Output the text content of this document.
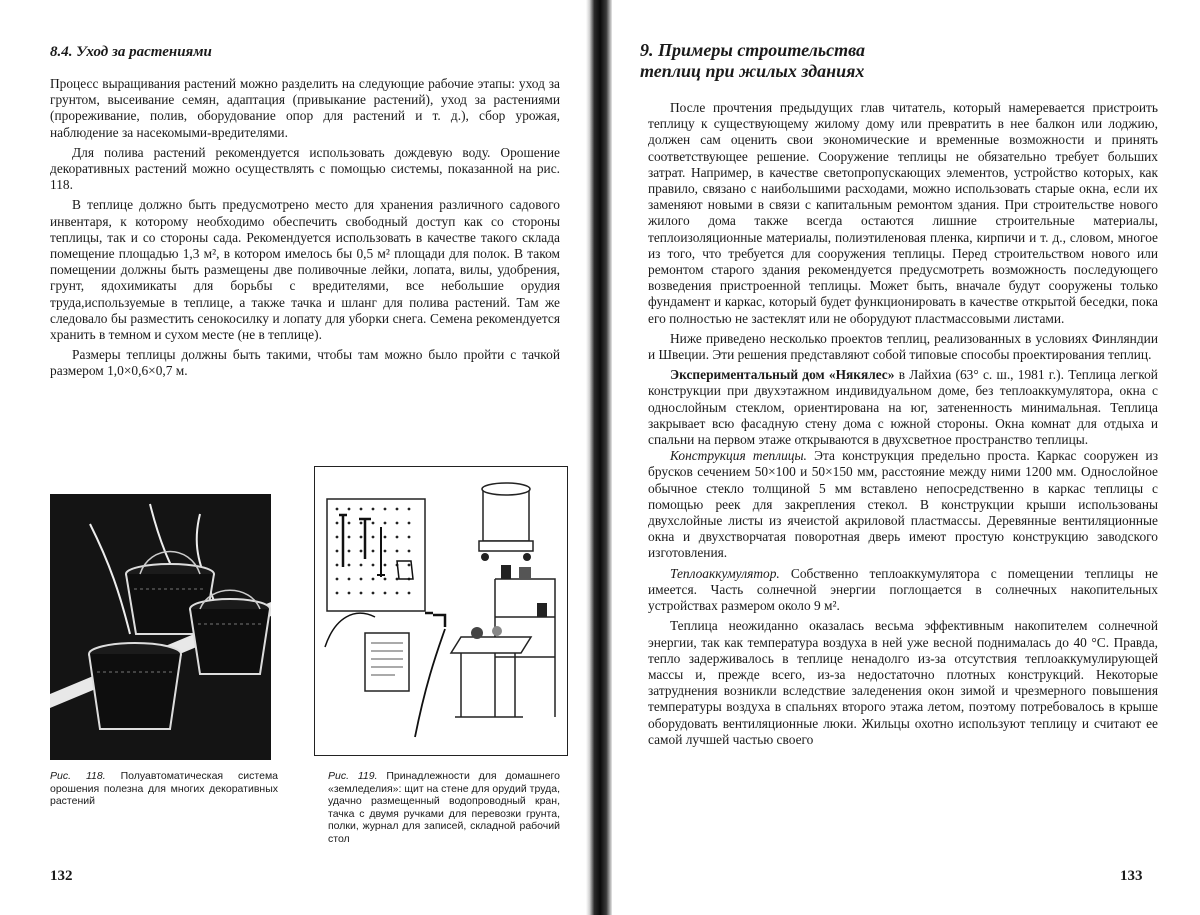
8.4. Уход за растениями

Процесс выращивания растений можно разделить на следующие рабочие этапы: уход за грунтом, высеивание семян, адаптация (привыкание растений), уход за растениями (прореживание, полив, оборудование опор для растений и т. д.), сбор урожая, наблюдение за насекомыми-вредителями.

Для полива растений рекомендуется использовать дождевую воду. Орошение декоративных растений можно осуществлять с помощью системы, показанной на рис. 118.

В теплице должно быть предусмотрено место для хранения различного садового инвентаря, к которому необходимо обеспечить свободный доступ как со стороны теплицы, так и со стороны сада. Рекомендуется использовать в качестве такого склада помещение площадью 1,3 м², в котором имелось бы 0,5 м² площади для полок. В таком помещении должны быть размещены две поливочные лейки, лопата, вилы, удобрения, грунт, ядохимикаты для борьбы с вредителями, все небольшие орудия труда,используемые в теплице, а также тачка и шланг для полива растений. Там же следовало бы разместить сенокосилку и лопату для уборки снега. Семена рекомендуется хранить в темном и сухом месте (не в теплице).

Размеры теплицы должны быть такими, чтобы там можно было пройти с тачкой размером 1,0×0,6×0,7 м.

Рис. 118. Полуавтоматическая система орошения полезна для многих декоративных растений
Рис. 119. Принадлежности для домашнего «земледелия»: щит на стене для орудий труда, удачно размещенный водопроводный кран, тачка с двумя ручками для перевозки грунта, полки, журнал для записей, складной рабочий стол
132
9. Примеры строительства
теплиц при жилых зданиях

После прочтения предыдущих глав читатель, который намеревается пристроить теплицу к существующему жилому дому или превратить в нее балкон или лоджию, должен сам оценить свои экономические и временные возможности и принять соответствующее решение. Сооружение теплицы не обязательно требует больших затрат. Например, в качестве светопропускающих элементов, устройство которых, как правило, связано с наибольшими расходами, можно использовать старые окна, если их заменяют новыми в связи с капитальным ремонтом здания. При строительстве нового жилого дома также всегда остаются лишние строительные материалы, теплоизоляционные материалы, полиэтиленовая пленка, кирпичи и т. д., словом, многое из того, что требуется для сооружения теплицы. Перед строительством нового или ремонтом старого здания рекомендуется предусмотреть возможность последующего возведения пристроенной теплицы. Может быть, вначале будут сооружены только фундамент и каркас, который будет функционировать в качестве открытой беседки, пока его полностью не застеклят или не оборудуют пластмассовыми листами.

Ниже приведено несколько проектов теплиц, реализованных в условиях Финляндии и Швеции. Эти решения представляют собой типовые способы проектирования теплиц.

Экспериментальный дом «Някялес» в Лайхиа (63° с. ш., 1981 г.). Теплица легкой конструкции при двухэтажном индивидуальном доме, без теплоаккумулятора, окна с однослойным стеклом, ориентирована на юг, затененность минимальная. Теплица закрывает всю фасадную стену дома с южной стороны. Окна комнат для отдыха и спальни на первом этаже открываются в двухсветное пространство теплицы.

Конструкция теплицы. Эта конструкция предельно проста. Каркас сооружен из брусков сечением 50×100 и 50×150 мм, расстояние между ними 1200 мм. Однослойное обычное стекло толщиной 5 мм вставлено непосредственно в каркас теплицы с помощью реек для закрепления стекол. В конструкции крыши использованы двухслойные листы из ячеистой акриловой пластмассы. Деревянные вентиляционные окна и двухстворчатая поворотная дверь имеют простую конструкцию заводского изготовления.

Теплоаккумулятор. Собственно теплоаккумулятора с помещении теплицы не имеется. Часть солнечной энергии поглощается в солнечных накопительных устройствах размером около 9 м².

Теплица неожиданно оказалась весьма эффективным накопителем солнечной энергии, так как температура воздуха в ней уже весной поднималась до 40 °С. Правда, тепло задерживалось в теплице ненадолго из-за отсутствия теплоаккумулирующей массы и, прежде всего, из-за недостаточно плотных конструкций. Некоторые затруднения возникли вследствие заледенения окон зимой и чрезмерного повышения температуры воздуха в спальнях второго этажа летом, поэтому потребовалось в крыше оборудовать вентиляционные люки. Жильцы охотно используют теплицу и считают ее самой лучшей частью своего

133
